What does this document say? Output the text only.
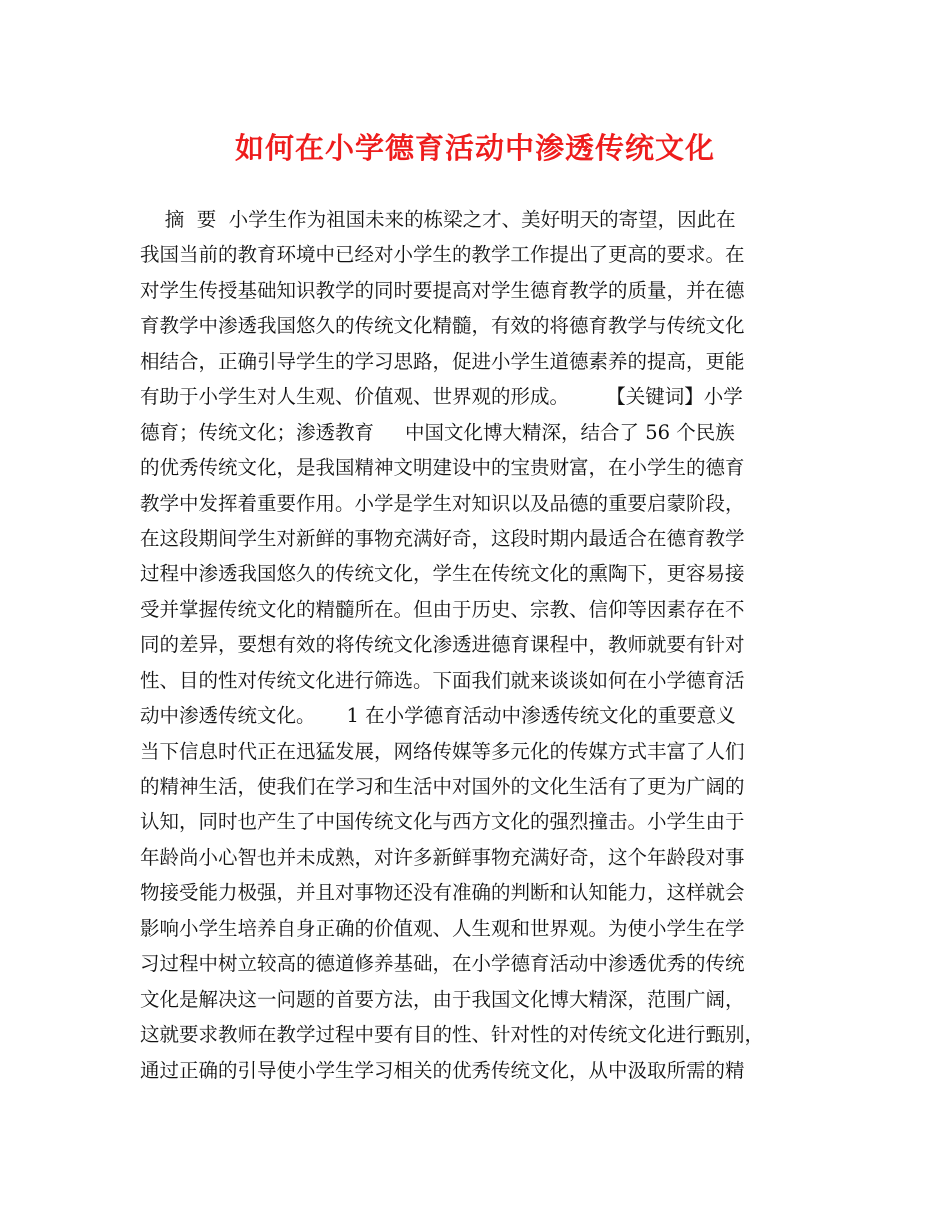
如何在小学德育活动中渗透传统文化
摘  要  小学生作为祖国未来的栋梁之才、美好明天的寄望，因此在
我国当前的教育环境中已经对小学生的教学工作提出了更高的要求。在
对学生传授基础知识教学的同时要提高对学生德育教学的质量，并在德
育教学中渗透我国悠久的传统文化精髓，有效的将德育教学与传统文化
相结合，正确引导学生的学习思路，促进小学生道德素养的提高，更能
有助于小学生对人生观、价值观、世界观的形成。      【关键词】小学
德育；传统文化；渗透教育     中国文化博大精深，结合了 56 个民族
的优秀传统文化，是我国精神文明建设中的宝贵财富，在小学生的德育
教学中发挥着重要作用。小学是学生对知识以及品德的重要启蒙阶段，
在这段期间学生对新鲜的事物充满好奇，这段时期内最适合在德育教学
过程中渗透我国悠久的传统文化，学生在传统文化的熏陶下，更容易接
受并掌握传统文化的精髓所在。但由于历史、宗教、信仰等因素存在不
同的差异，要想有效的将传统文化渗透进德育课程中，教师就要有针对
性、目的性对传统文化进行筛选。下面我们就来谈谈如何在小学德育活
动中渗透传统文化。     1 在小学德育活动中渗透传统文化的重要意义
当下信息时代正在迅猛发展，网络传媒等多元化的传媒方式丰富了人们
的精神生活，使我们在学习和生活中对国外的文化生活有了更为广阔的
认知，同时也产生了中国传统文化与西方文化的强烈撞击。小学生由于
年龄尚小心智也并未成熟，对许多新鲜事物充满好奇，这个年龄段对事
物接受能力极强，并且对事物还没有准确的判断和认知能力，这样就会
影响小学生培养自身正确的价值观、人生观和世界观。为使小学生在学
习过程中树立较高的德道修养基础，在小学德育活动中渗透优秀的传统
文化是解决这一问题的首要方法，由于我国文化博大精深，范围广阔，
这就要求教师在教学过程中要有目的性、针对性的对传统文化进行甄别，
通过正确的引导使小学生学习相关的优秀传统文化，从中汲取所需的精
